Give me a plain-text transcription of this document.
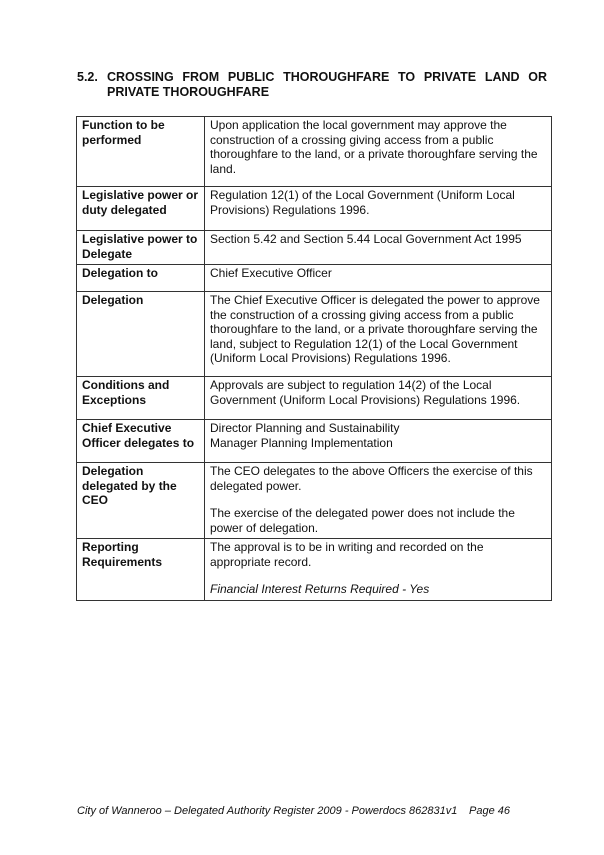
5.2. CROSSING FROM PUBLIC THOROUGHFARE TO PRIVATE LAND OR PRIVATE THOROUGHFARE
Function to be performed	Upon application the local government may approve the construction of a crossing giving access from a public thoroughfare to the land, or a private thoroughfare serving the land.

Legislative power or duty delegated	Regulation 12(1) of the Local Government (Uniform Local Provisions) Regulations 1996.

Legislative power to Delegate	Section 5.42 and Section 5.44 Local Government Act 1995

Delegation to	Chief Executive Officer

Delegation	The Chief Executive Officer is delegated the power to approve the construction of a crossing giving access from a public thoroughfare to the land, or a private thoroughfare serving the land, subject to Regulation 12(1) of the Local Government (Uniform Local Provisions) Regulations 1996.

Conditions and Exceptions	Approvals are subject to regulation 14(2) of the Local Government (Uniform Local Provisions) Regulations 1996.

Chief Executive Officer delegates to	Director Planning and Sustainability
Manager Planning Implementation

Delegation delegated by the CEO	The CEO delegates to the above Officers the exercise of this delegated power.
The exercise of the delegated power does not include the power of delegation.

Reporting Requirements	The approval is to be in writing and recorded on the appropriate record.
Financial Interest Returns Required - Yes
City of Wanneroo – Delegated Authority Register 2009 - Powerdocs 862831v1 Page 46
